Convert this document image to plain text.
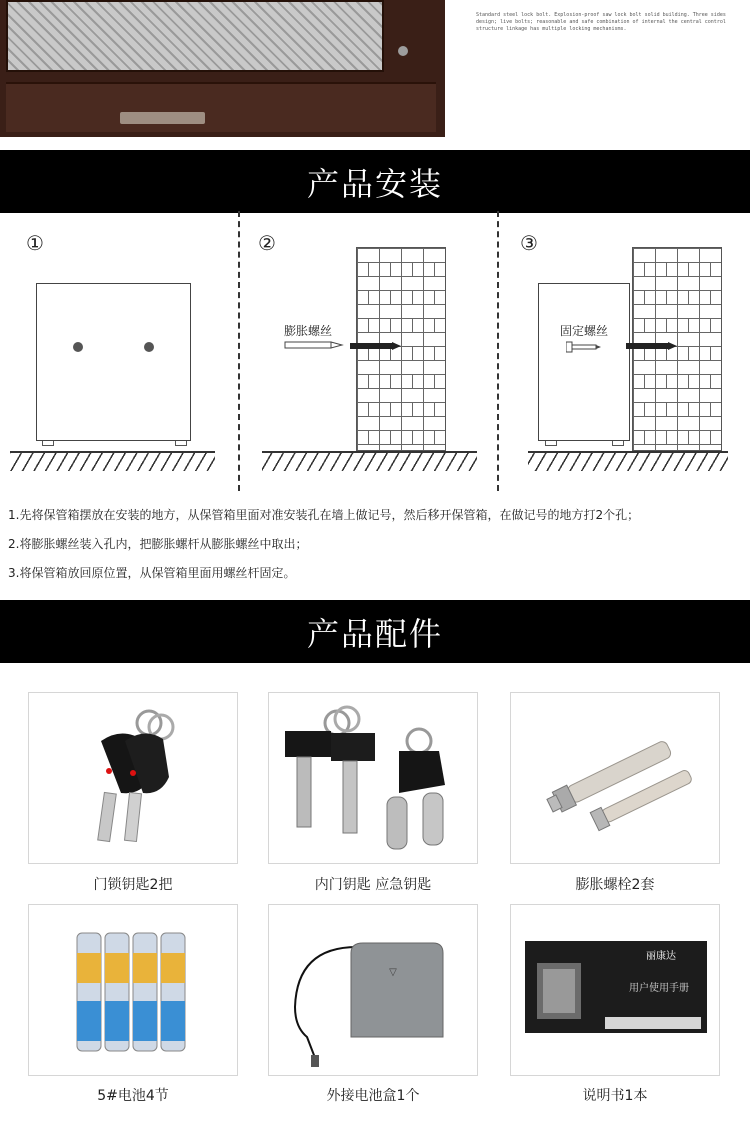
Standard steel lock bolt. Explosion-proof saw lock bolt solid building. Three sides design; live bolts; reasonable and safe combination of internal the central control structure linkage has multiple locking mechanisms.
产品安装
①	②
膨胀螺丝
③
固定螺丝
1.先将保管箱摆放在安装的地方，从保管箱里面对准安装孔在墙上做记号，然后移开保管箱，在做记号的地方打2个孔；
2.将膨胀螺丝装入孔内，把膨胀螺杆从膨胀螺丝中取出；
3.将保管箱放回原位置，从保管箱里面用螺丝杆固定。
产品配件
门锁钥匙2把	内门钥匙 应急钥匙	膨胀螺栓2套
▽
丽康达
用户使用手册
5#电池4节	外接电池盒1个	说明书1本
